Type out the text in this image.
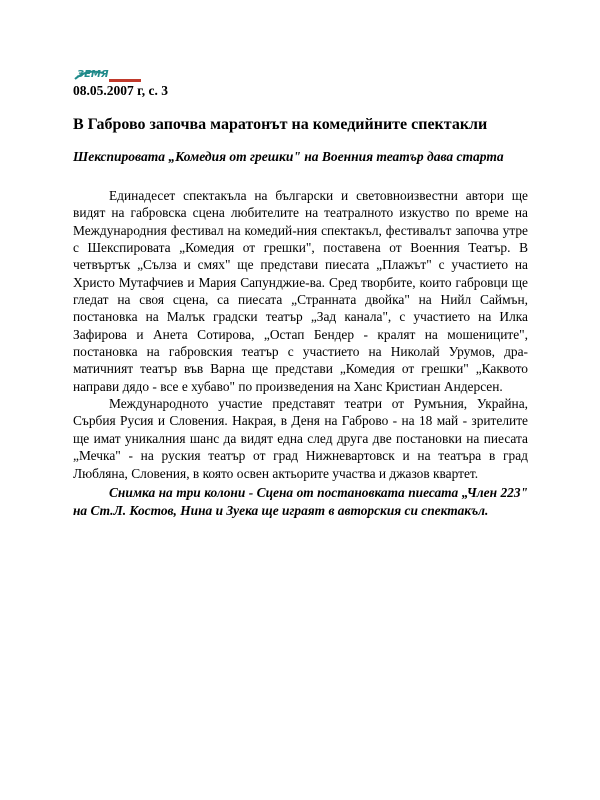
ЗЕМЯ
08.05.2007 г, с. 3
В Габрово започва маратонът на комедийните спектакли
Шекспировата „Комедия от грешки" на Военния театър дава старта

Единадесет спектакъла на български и световноизвестни автори ще видят на габровска сцена любителите на театралното изкуство по време на Международния фестивал на комедий-ния спектакъл, фестивалът започва утре с Шекспировата „Комедия от грешки", поставена от Военния Театър. В четвъртък „Сълза и смях" ще представи пиесата „Плажът" с участието на Христо Мутафчиев и Мария Сапунджие-ва. Сред творбите, които габровци ще гледат на своя сцена, са пиесата „Странната двойка" на Нийл Саймън, постановка на Малък градски театър „Зад канала", с участието на Илка Зафирова и Анета Сотирова, „Остап Бендер - кралят на мошениците", постановка на габровския театър с участието на Николай Урумов, дра-матичният театър във Варна ще представи „Комедия от грешки" „Каквото направи дядо - все е хубаво" по произведения на Ханс Кристиан Андерсен.

Международното участие представят театри от Румъния, Украйна, Сърбия Русия и Словения. Накрая, в Деня на Габрово - на 18 май - зрителите ще имат уникалния шанс да видят една след друга две постановки на пиесата „Мечка" - на руския театър от град Нижневартовск и на театъра в град Любляна, Словения, в която освен актьорите участва и джазов квартет.

Снимка на три колони - Сцена от постановката пиесата „Член 223" на Ст.Л. Костов, Нина и Зуека ще играят в авторския си спектакъл.
